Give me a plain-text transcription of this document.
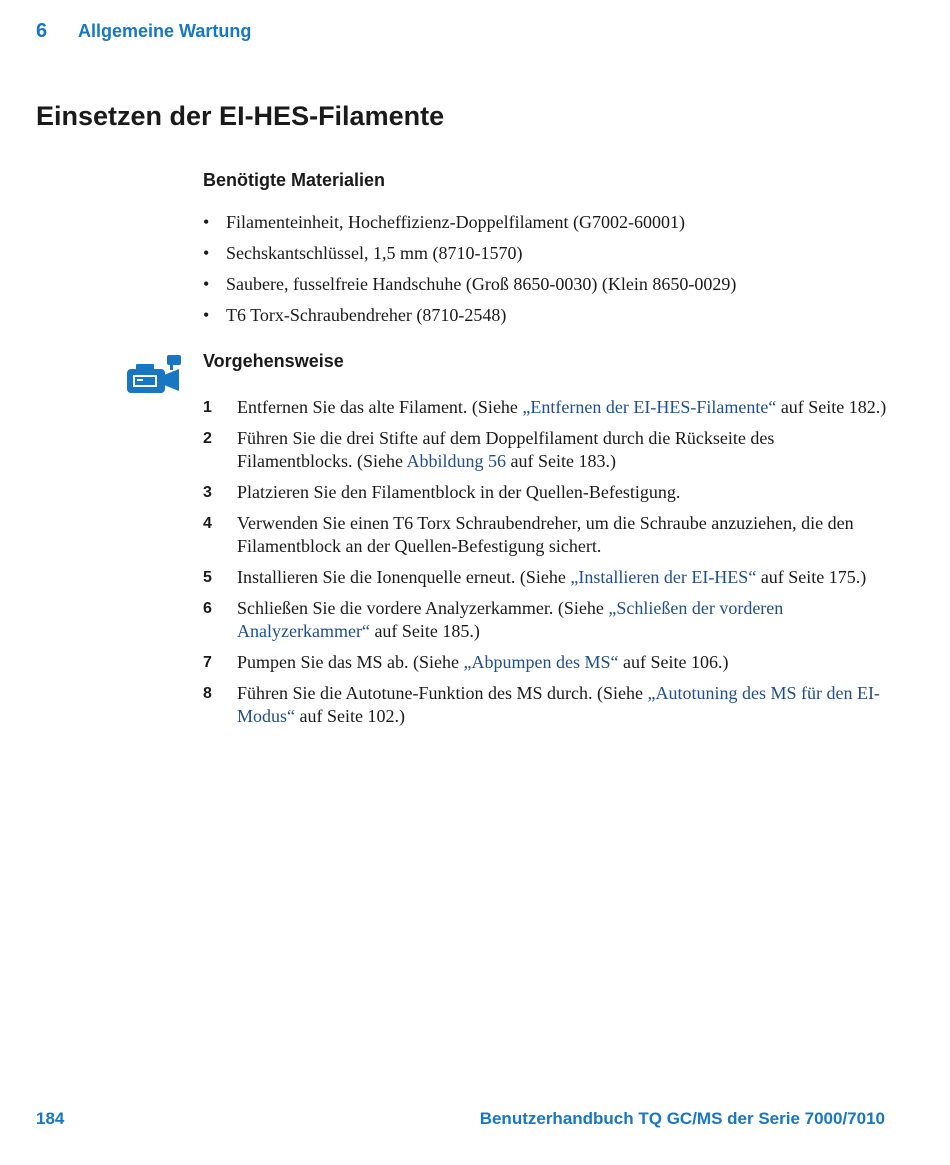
6 Allgemeine Wartung
Einsetzen der EI-HES-Filamente
Benötigte Materialien
• Filamenteinheit, Hocheffizienz-Doppelfilament (G7002-60001)
• Sechskantschlüssel, 1,5 mm (8710-1570)
• Saubere, fusselfreie Handschuhe (Groß 8650-0030) (Klein 8650-0029)
• T6 Torx-Schraubendreher (8710-2548)
Vorgehensweise
1 Entfernen Sie das alte Filament. (Siehe „Entfernen der EI-HES-Filamente“ auf Seite 182.)
2 Führen Sie die drei Stifte auf dem Doppelfilament durch die Rückseite des Filamentblocks. (Siehe Abbildung 56 auf Seite 183.)
3 Platzieren Sie den Filamentblock in der Quellen-Befestigung.
4 Verwenden Sie einen T6 Torx Schraubendreher, um die Schraube anzuziehen, die den Filamentblock an der Quellen-Befestigung sichert.
5 Installieren Sie die Ionenquelle erneut. (Siehe „Installieren der EI-HES“ auf Seite 175.)
6 Schließen Sie die vordere Analyzerkammer. (Siehe „Schließen der vorderen Analyzerkammer“ auf Seite 185.)
7 Pumpen Sie das MS ab. (Siehe „Abpumpen des MS“ auf Seite 106.)
8 Führen Sie die Autotune-Funktion des MS durch. (Siehe „Autotuning des MS für den EI-Modus“ auf Seite 102.)
184	Benutzerhandbuch TQ GC/MS der Serie 7000/7010
